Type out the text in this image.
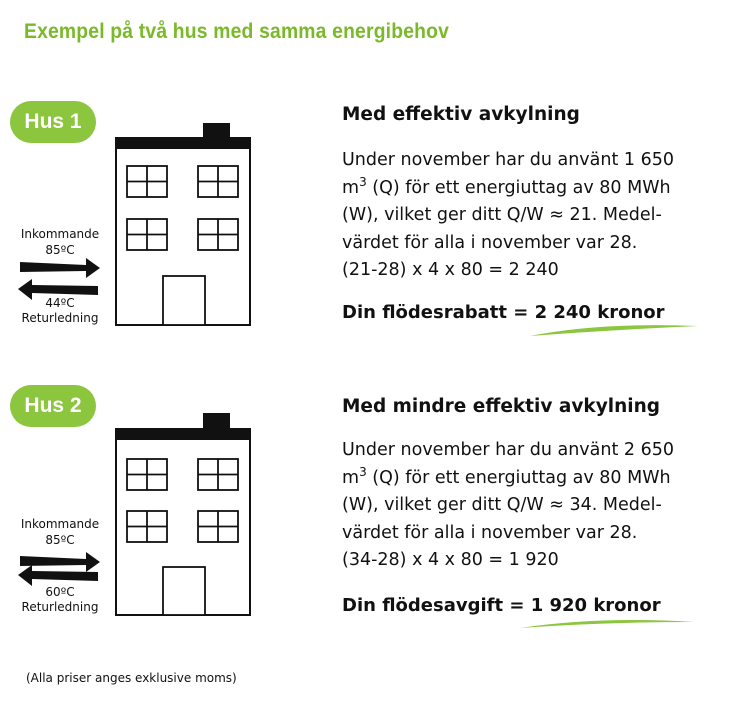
Exempel på två hus med samma energibehov
Hus 1
Inkommande
85ºC
44ºC
Returledning
Med effektiv avkylning
Under november har du använt 1 650
$m^3$ (Q) för ett energiuttag av 80 MWh
(W), vilket ger ditt Q/W ≈ 21. Medel-
värdet för alla i november var 28.
(21-28) x 4 x 80 = 2 240
Din flödesrabatt = 2 240 kronor
Hus 2
Inkommande
85ºC
60ºC
Returledning
Med mindre effektiv avkylning
Under november har du använt 2 650
$m^3$ (Q) för ett energiuttag av 80 MWh
(W), vilket ger ditt Q/W ≈ 34. Medel-
värdet för alla i november var 28.
(34-28) x 4 x 80 = 1 920
Din flödesavgift = 1 920 kronor
(Alla priser anges exklusive moms)
